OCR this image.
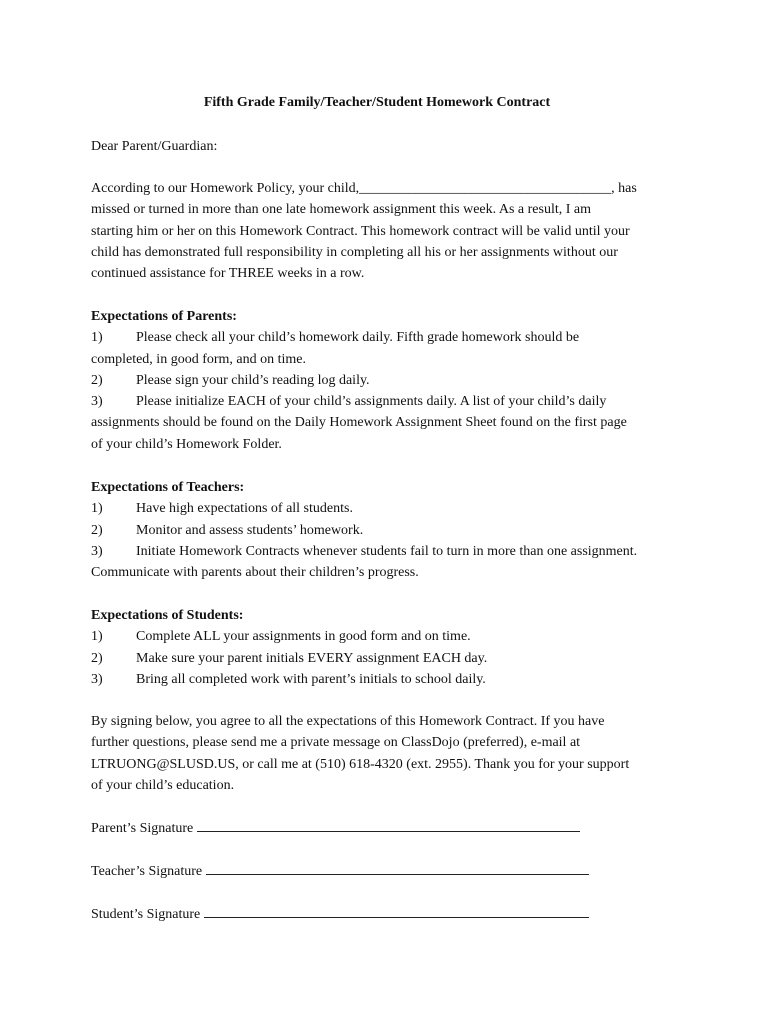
Fifth Grade Family/Teacher/Student Homework Contract
Dear Parent/Guardian:
According to our Homework Policy, your child,____________________________________, has
missed or turned in more than one late homework assignment this week. As a result, I am
starting him or her on this Homework Contract. This homework contract will be valid until your
child has demonstrated full responsibility in completing all his or her assignments without our
continued assistance for THREE weeks in a row.
Expectations of Parents:
1) Please check all your child’s homework daily. Fifth grade homework should be
completed, in good form, and on time.
2) Please sign your child’s reading log daily.
3) Please initialize EACH of your child’s assignments daily. A list of your child’s daily
assignments should be found on the Daily Homework Assignment Sheet found on the first page
of your child’s Homework Folder.
Expectations of Teachers:
1) Have high expectations of all students.
2) Monitor and assess students’ homework.
3) Initiate Homework Contracts whenever students fail to turn in more than one assignment.
Communicate with parents about their children’s progress.
Expectations of Students:
1) Complete ALL your assignments in good form and on time.
2) Make sure your parent initials EVERY assignment EACH day.
3) Bring all completed work with parent’s initials to school daily.
By signing below, you agree to all the expectations of this Homework Contract. If you have
further questions, please send me a private message on ClassDojo (preferred), e-mail at
LTRUONG@SLUSD.US, or call me at (510) 618-4320 (ext. 2955). Thank you for your support
of your child’s education.
Parent’s Signature
Teacher’s Signature
Student’s Signature
